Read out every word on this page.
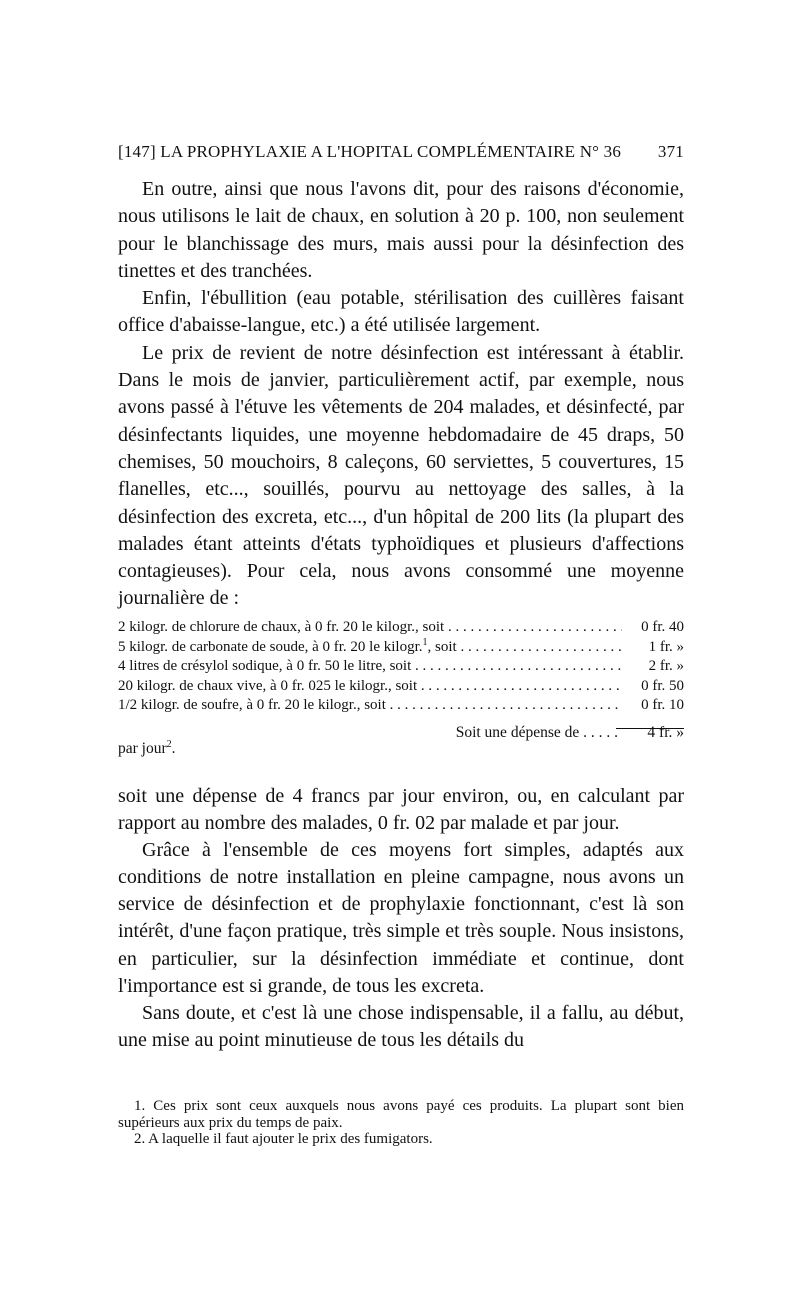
[147] LA PROPHYLAXIE A L'HOPITAL COMPLÉMENTAIRE N° 36 371

En outre, ainsi que nous l'avons dit, pour des raisons d'économie, nous utilisons le lait de chaux, en solution à 20 p. 100, non seulement pour le blanchissage des murs, mais aussi pour la désinfection des tinettes et des tranchées.

Enfin, l'ébullition (eau potable, stérilisation des cuillères faisant office d'abaisse-langue, etc.) a été utilisée largement.

Le prix de revient de notre désinfection est intéressant à établir. Dans le mois de janvier, particulièrement actif, par exemple, nous avons passé à l'étuve les vêtements de 204 malades, et désinfecté, par désinfectants liquides, une moyenne hebdomadaire de 45 draps, 50 chemises, 50 mouchoirs, 8 caleçons, 60 serviettes, 5 couvertures, 15 flanelles, etc..., souillés, pourvu au nettoyage des salles, à la désinfection des excreta, etc..., d'un hôpital de 200 lits (la plupart des malades étant atteints d'états typhoïdiques et plusieurs d'affections contagieuses). Pour cela, nous avons consommé une moyenne journalière de :

2 kilogr. de chlorure de chaux, à 0 fr. 20 le kilogr., soit . . .	0 fr. 40
5 kilogr. de carbonate de soude, à 0 fr. 20 le kilogr.$^1$, soit . . .	1 fr. »
4 litres de crésylol sodique, à 0 fr. 50 le litre, soit . . .	2 fr. »
20 kilogr. de chaux vive, à 0 fr. 025 le kilogr., soit . . .	0 fr. 50
1/2 kilogr. de soufre, à 0 fr. 20 le kilogr., soit . . .	0 fr. 10
par jour$^2$.
Soit une dépense de . . .	4 fr. »

soit une dépense de 4 francs par jour environ, ou, en calculant par rapport au nombre des malades, 0 fr. 02 par malade et par jour.

Grâce à l'ensemble de ces moyens fort simples, adaptés aux conditions de notre installation en pleine campagne, nous avons un service de désinfection et de prophylaxie fonctionnant, c'est là son intérêt, d'une façon pratique, très simple et très souple. Nous insistons, en particulier, sur la désinfection immédiate et continue, dont l'importance est si grande, de tous les excreta.

Sans doute, et c'est là une chose indispensable, il a fallu, au début, une mise au point minutieuse de tous les détails du

1. Ces prix sont ceux auxquels nous avons payé ces produits. La plupart sont bien supérieurs aux prix du temps de paix.

2. A laquelle il faut ajouter le prix des fumigators.
